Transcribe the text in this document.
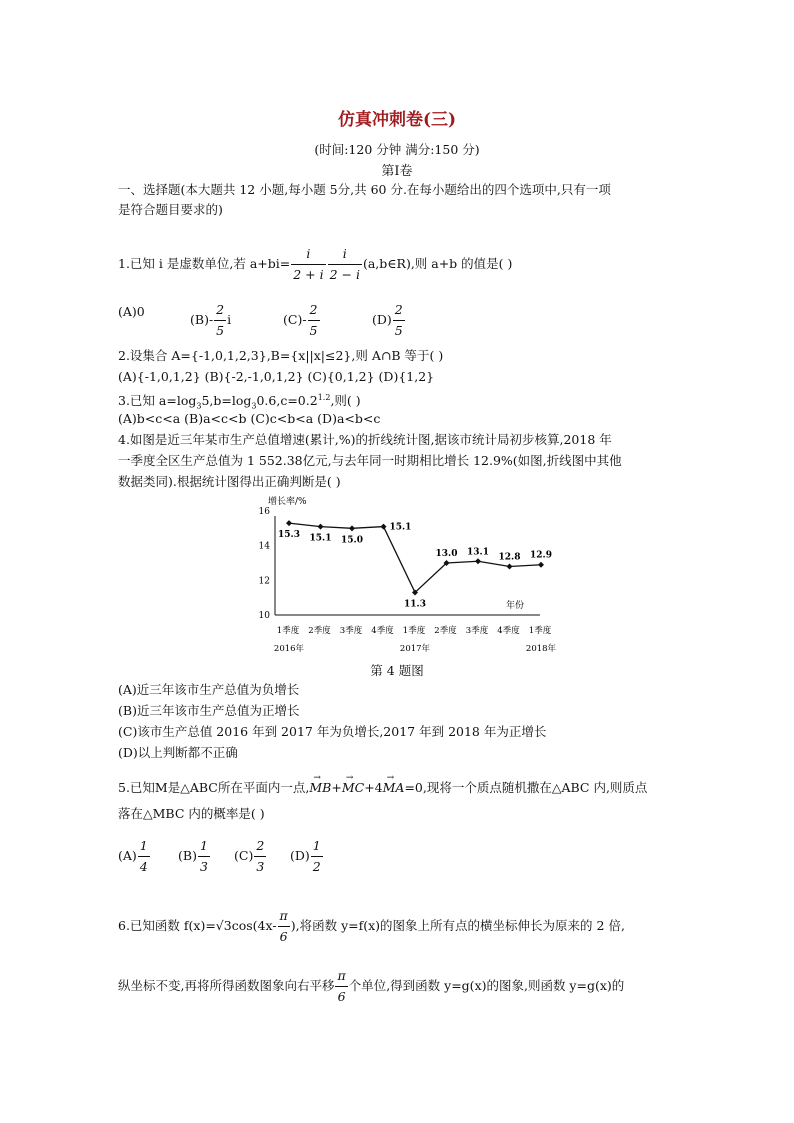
仿真冲刺卷(三)
(时间:120 分钟 满分:150 分)
第Ⅰ卷
一、选择题(本大题共 12 小题,每小题 5分,共 60 分.在每小题给出的四个选项中,只有一项
是符合题目要求的)
1.已知 i 是虚数单位,若 $a+bi= \frac{i}{2 + i} \frac{i}{2 - i}$ (a,b∈R),则 a+b 的值是( )
(A)0
$(B)- \frac{2}{5}$ i	$(C)- \frac{2}{5}$	$(D) \frac{2}{5}$
2.设集合 A={-1,0,1,2,3},B={x||x|≤2},则 A∩B 等于( )
(A){-1,0,1,2} (B){-2,-1,0,1,2} (C){0,1,2} (D){1,2}
3.已知 $a=\log_35,b=\log_30.6,c=0.2^{1.2}$,则( )
(A)b<c<a (B)a<c<b (C)c<b<a (D)a<b<c
4.如图是近三年某市生产总值增速(累计,%)的折线统计图,据该市统计局初步核算,2018 年
一季度全区生产总值为 1 552.38亿元,与去年同一时期相比增长 12.9%(如图,折线图中其他
数据类同).根据统计图得出正确判断是( )
增长率/%
年份
10
12
14
16
1季度 2季度 3季度 4季度 1季度 2季度 3季度 4季度 1季度
2016年	2017年	2018年
15.3 15.1 15.0
15.1
11.3
13.0 13.1
12.8 12.9
第 4 题图
(A)近三年该市生产总值为负增长
(B)近三年该市生产总值为正增长
(C)该市生产总值 2016 年到 2017 年为负增长,2017 年到 2018 年为正增长
(D)以上判断都不正确
5.已知M是△ABC所在平面内一点,→ MB+→ MC+4→ MA=0,现将一个质点随机撒在△ABC 内,则质点
落在△MBC 内的概率是( )
$(A) \frac{1}{4} (B) \frac{1}{3} (C) \frac{2}{3} (D) \frac{1}{2}$
6.已知函数 $f(x)=√3\cos(4x- \frac{\pi}{6}$ ),将函数 y=f(x)的图象上所有点的横坐标伸长为原来的 2 倍,
纵坐标不变,再将所得函数图象向右平移 $\frac{\pi}{6}$ 个单位,得到函数 y=g(x)的图象,则函数 y=g(x)的
